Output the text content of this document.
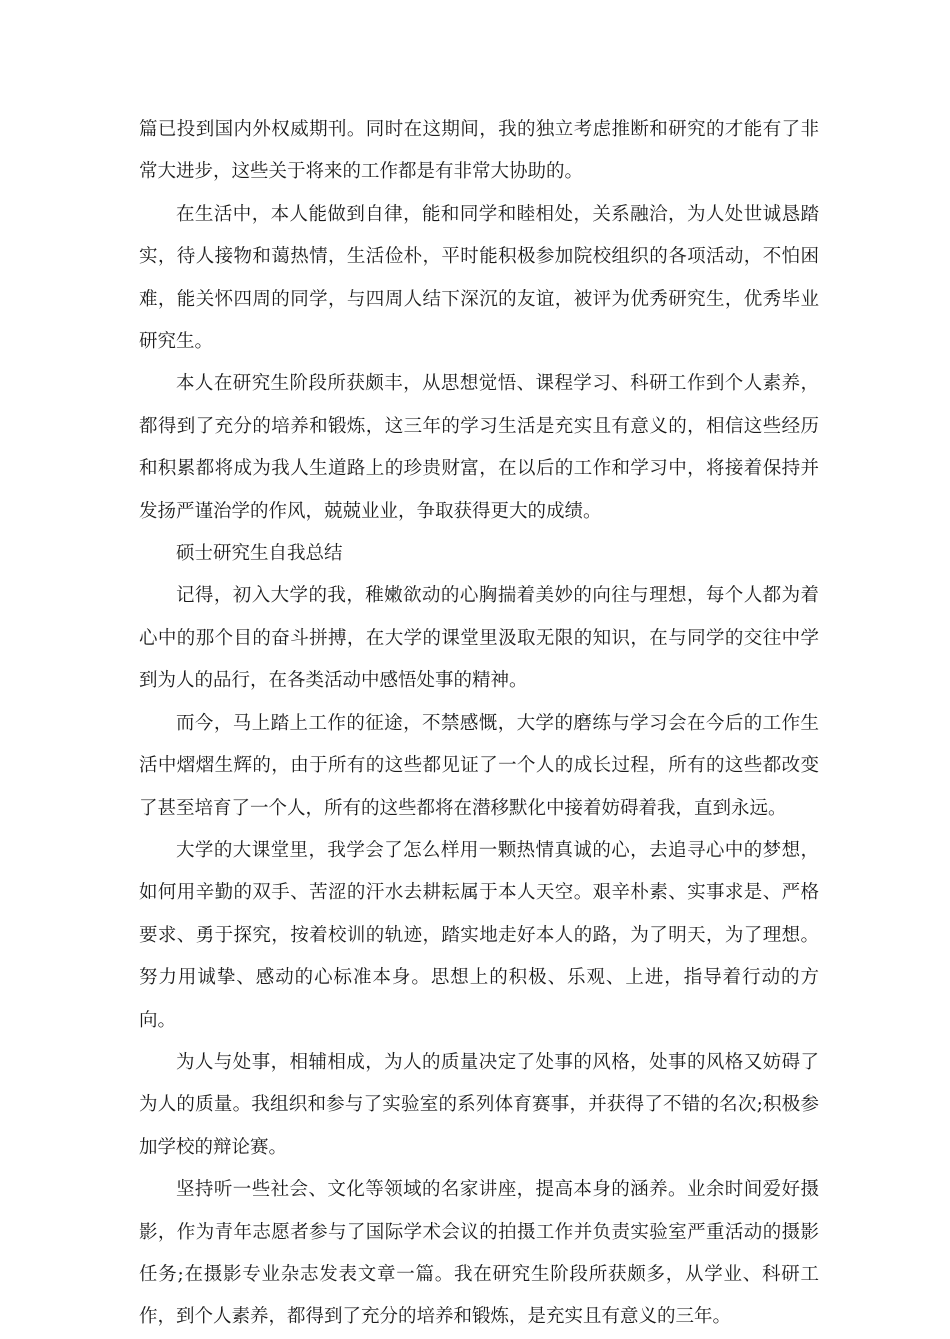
篇已投到国内外权威期刊。同时在这期间，我的独立考虑推断和研究的才能有了非常大进步，这些关于将来的工作都是有非常大协助的。

在生活中，本人能做到自律，能和同学和睦相处，关系融洽，为人处世诚恳踏实，待人接物和蔼热情，生活俭朴，平时能积极参加院校组织的各项活动，不怕困难，能关怀四周的同学，与四周人结下深沉的友谊，被评为优秀研究生，优秀毕业研究生。

本人在研究生阶段所获颇丰，从思想觉悟、课程学习、科研工作到个人素养，都得到了充分的培养和锻炼，这三年的学习生活是充实且有意义的，相信这些经历和积累都将成为我人生道路上的珍贵财富，在以后的工作和学习中，将接着保持并发扬严谨治学的作风，兢兢业业，争取获得更大的成绩。

硕士研究生自我总结

记得，初入大学的我，稚嫩欲动的心胸揣着美妙的向往与理想，每个人都为着心中的那个目的奋斗拼搏，在大学的课堂里汲取无限的知识，在与同学的交往中学到为人的品行，在各类活动中感悟处事的精神。

而今，马上踏上工作的征途，不禁感慨，大学的磨练与学习会在今后的工作生活中熠熠生辉的，由于所有的这些都见证了一个人的成长过程，所有的这些都改变了甚至培育了一个人，所有的这些都将在潜移默化中接着妨碍着我，直到永远。

大学的大课堂里，我学会了怎么样用一颗热情真诚的心，去追寻心中的梦想，如何用辛勤的双手、苦涩的汗水去耕耘属于本人天空。艰辛朴素、实事求是、严格要求、勇于探究，按着校训的轨迹，踏实地走好本人的路，为了明天，为了理想。努力用诚挚、感动的心标准本身。思想上的积极、乐观、上进，指导着行动的方向。

为人与处事，相辅相成，为人的质量决定了处事的风格，处事的风格又妨碍了为人的质量。我组织和参与了实验室的系列体育赛事，并获得了不错的名次;积极参加学校的辩论赛。

坚持听一些社会、文化等领域的名家讲座，提高本身的涵养。业余时间爱好摄影，作为青年志愿者参与了国际学术会议的拍摄工作并负责实验室严重活动的摄影任务;在摄影专业杂志发表文章一篇。我在研究生阶段所获颇多，从学业、科研工作，到个人素养，都得到了充分的培养和锻炼，是充实且有意义的三年。
